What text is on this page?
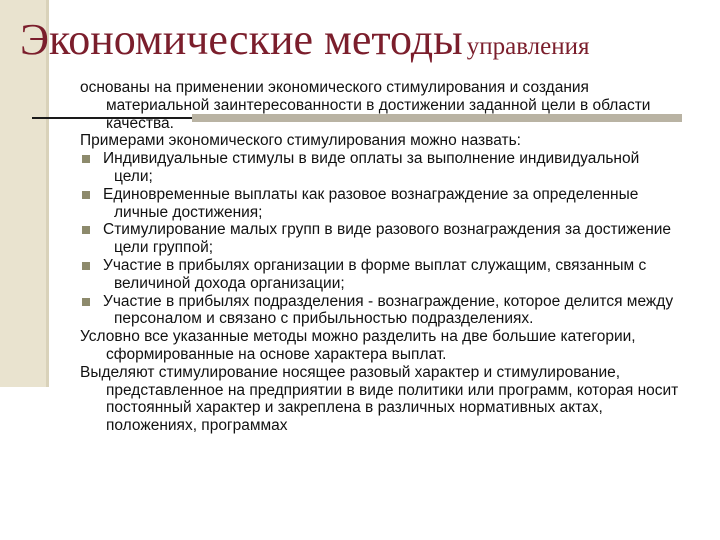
Экономические методы управления
основаны на применении экономического стимулирования и создания материальной заинтересованности в достижении заданной цели в области качества.
Примерами экономического стимулирования можно назвать:
Индивидуальные стимулы в виде оплаты за выполнение индивидуальной цели;
Единовременные выплаты как разовое вознаграждение за определенные личные достижения;
Стимулирование малых групп в виде разового вознаграждения за достижение цели группой;
Участие в прибылях организации в форме выплат служащим, связанным с величиной дохода организации;
Участие в прибылях подразделения - вознаграждение, которое делится между персоналом и связано с прибыльностью подразделениях.
Условно все указанные методы можно разделить на две большие категории, сформированные на основе характера выплат.
Выделяют стимулирование носящее разовый характер и стимулирование, представленное на предприятии в виде политики или программ, которая носит постоянный характер и закреплена в различных нормативных актах, положениях, программах
